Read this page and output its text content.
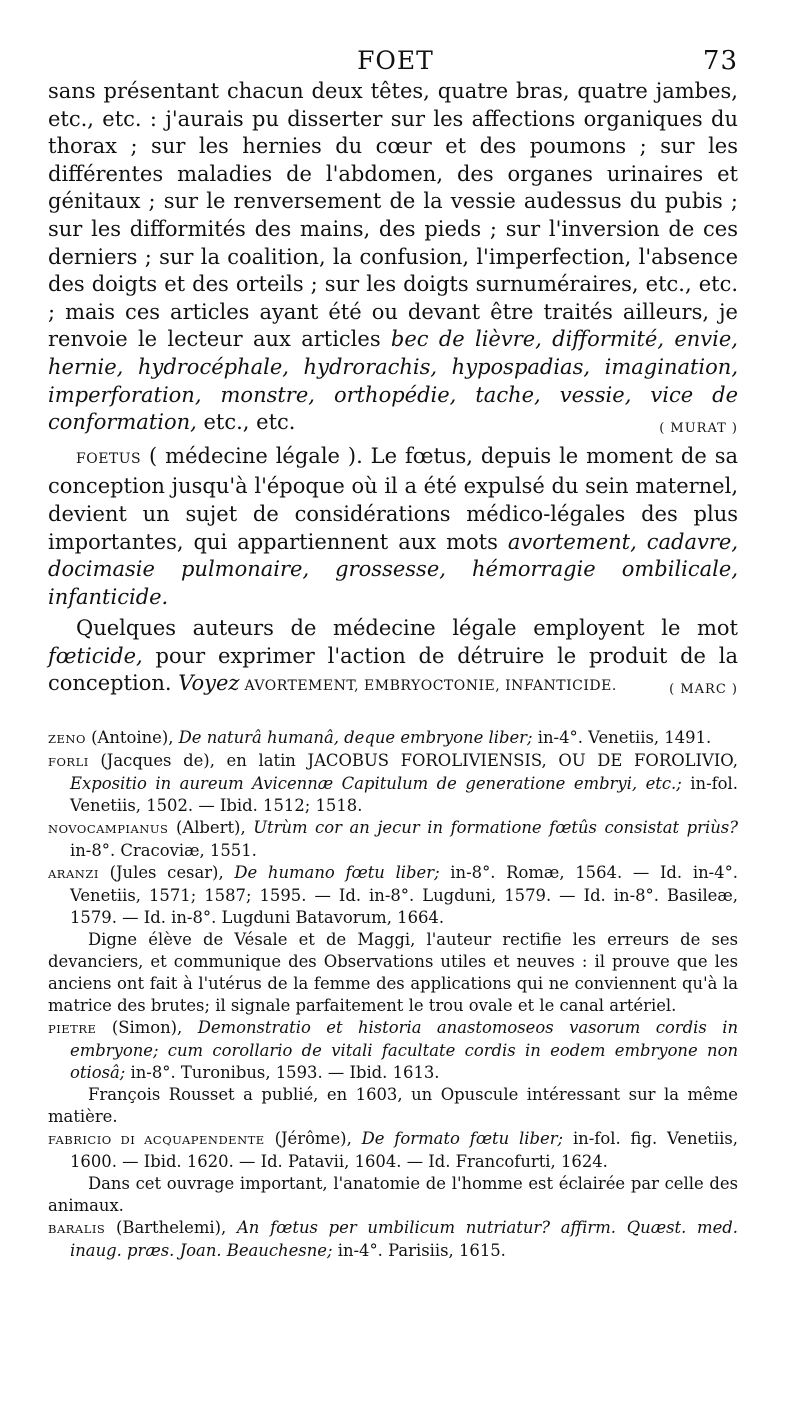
FOET	73

sans présentant chacun deux têtes, quatre bras, quatre jambes, etc., etc. : j'aurais pu disserter sur les affections organiques du thorax ; sur les hernies du cœur et des poumons ; sur les différentes maladies de l'abdomen, des organes urinaires et génitaux ; sur le renversement de la vessie audessus du pubis ; sur les difformités des mains, des pieds ; sur l'inversion de ces derniers ; sur la coalition, la confusion, l'imperfection, l'absence des doigts et des orteils ; sur les doigts surnuméraires, etc., etc. ; mais ces articles ayant été ou devant être traités ailleurs, je renvoie le lecteur aux articles bec de lièvre, difformité, envie, hernie, hydrocéphale, hydrorachis, hypospadias, imagination, imperforation, monstre, orthopédie, tache, vessie, vice de conformation, etc., etc.	( MURAT )

FOETUS ( médecine légale ). Le fœtus, depuis le moment de sa conception jusqu'à l'époque où il a été expulsé du sein maternel, devient un sujet de considérations médico-légales des plus importantes, qui appartiennent aux mots avortement, cadavre, docimasie pulmonaire, grossesse, hémorragie ombilicale, infanticide.

Quelques auteurs de médecine légale employent le mot fœticide, pour exprimer l'action de détruire le produit de la conception. Voyez AVORTEMENT, EMBRYOCTONIE, INFANTICIDE.	( MARC )

ZENO (Antoine), De naturâ humanâ, deque embryone liber; in-4°. Venetiis, 1491.
FORLI (Jacques de), en latin JACOBUS FOROLIVIENSIS, OU DE FOROLIVIO, Expositio in aureum Avicennæ Capitulum de generatione embryi, etc.; in-fol. Venetiis, 1502. — Ibid. 1512; 1518.
NOVOCAMPIANUS (Albert), Utrùm cor an jecur in formatione fœtûs consistat priùs? in-8°. Cracoviæ, 1551.
ARANZI (Jules cesar), De humano fœtu liber; in-8°. Romæ, 1564. — Id. in-4°. Venetiis, 1571; 1587; 1595. — Id. in-8°. Lugduni, 1579. — Id. in-8°. Basileæ, 1579. — Id. in-8°. Lugduni Batavorum, 1664.
Digne élève de Vésale et de Maggi, l'auteur rectifie les erreurs de ses devanciers, et communique des Observations utiles et neuves : il prouve que les anciens ont fait à l'utérus de la femme des applications qui ne conviennent qu'à la matrice des brutes; il signale parfaitement le trou ovale et le canal artériel.
PIETRE (Simon), Demonstratio et historia anastomoseos vasorum cordis in embryone; cum corollario de vitali facultate cordis in eodem embryone non otiosâ; in-8°. Turonibus, 1593. — Ibid. 1613.
François Rousset a publié, en 1603, un Opuscule intéressant sur la même matière.
FABRICIO DI ACQUAPENDENTE (Jérôme), De formato fœtu liber; in-fol. fig. Venetiis, 1600. — Ibid. 1620. — Id. Patavii, 1604. — Id. Francofurti, 1624.
Dans cet ouvrage important, l'anatomie de l'homme est éclairée par celle des animaux.
BARALIS (Barthelemi), An fœtus per umbilicum nutriatur? affirm. Quæst. med. inaug. præs. Joan. Beauchesne; in-4°. Parisiis, 1615.
